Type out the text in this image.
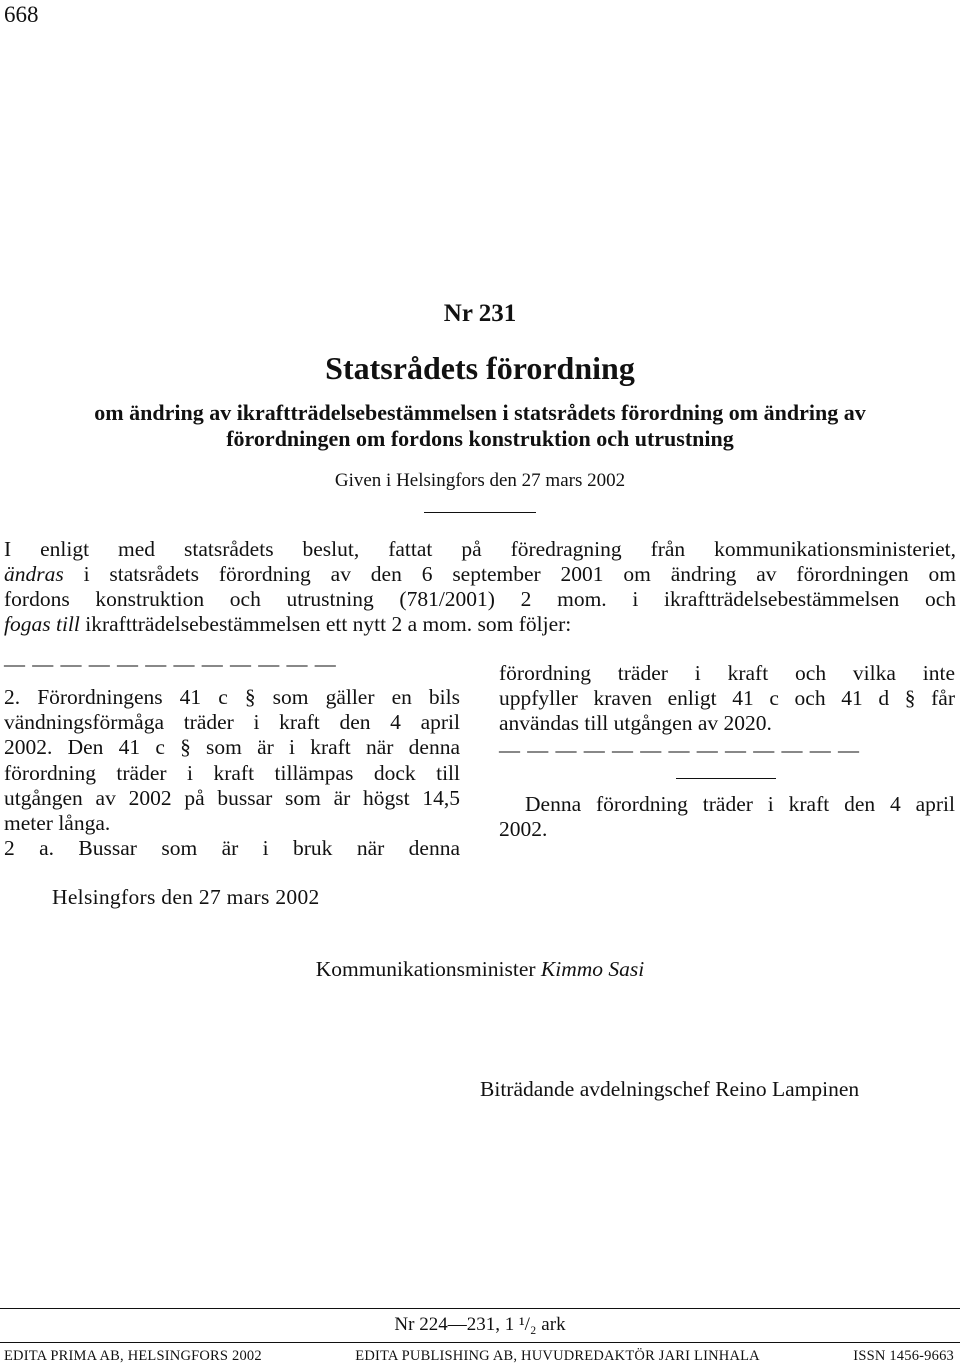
668
Nr 231
Statsrådets förordning
om ändring av ikraftträdelsebestämmelsen i statsrådets förordning om ändring av
förordningen om fordons konstruktion och utrustning
Given i Helsingfors den 27 mars 2002

I enligt med statsrådets beslut, fattat på föredragning från kommunikationsministeriet,

ändras i statsrådets förordning av den 6 september 2001 om ändring av förordningen om

fordons konstruktion och utrustning (781/2001) 2 mom. i ikraftträdelsebestämmelsen och

fogas till ikraftträdelsebestämmelsen ett nytt 2 a mom. som följer:

— — — — — — — — — — — —
2. Förordningens 41 c § som gäller en bils
vändningsförmåga träder i kraft den 4 april
2002. Den 41 c § som är i kraft när denna
förordning träder i kraft tillämpas dock till
utgången av 2002 på bussar som är högst 14,5
meter långa.
2 a. Bussar som är i bruk när denna
förordning träder i kraft och vilka inte
uppfyller kraven enligt 41 c och 41 d § får
användas till utgången av 2020.
— — — — — — — — — — — — —
Denna förordning träder i kraft den 4 april
2002.
Helsingfors den 27 mars 2002
Kommunikationsminister Kimmo Sasi
Biträdande avdelningschef Reino Lampinen
Nr 224—231, 1 ¹/₂ ark
EDITA PRIMA AB, HELSINGFORS 2002	EDITA PUBLISHING AB, HUVUDREDAKTÖR JARI LINHALA	ISSN 1456-9663
